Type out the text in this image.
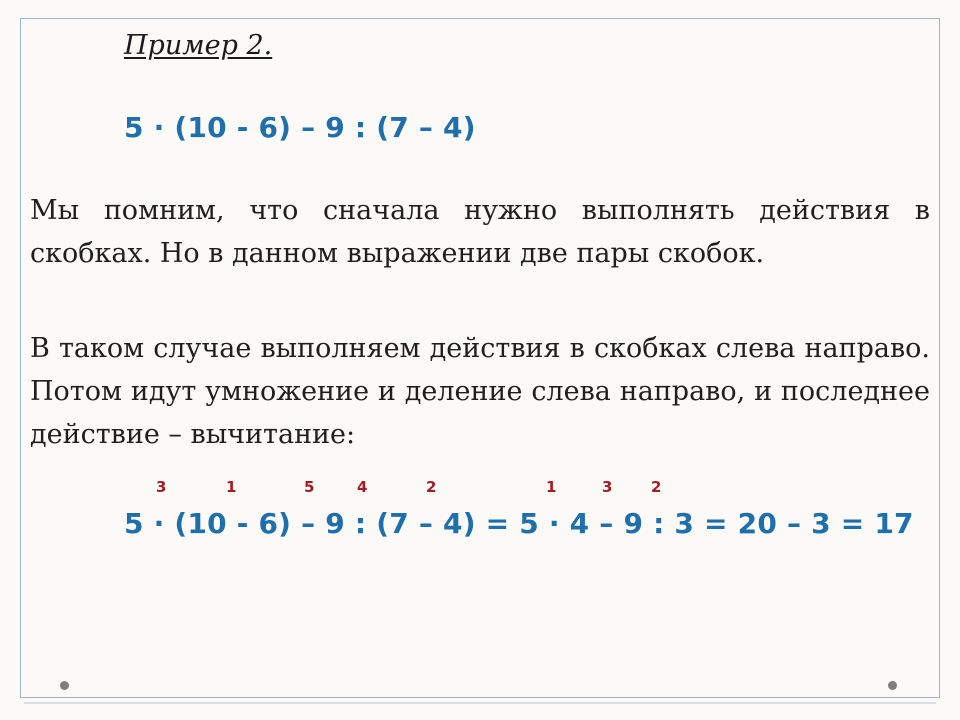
Пример 2.
5 · (10 - 6) – 9 : (7 – 4)
Мы помним, что сначала нужно выполнять действия в скобках. Но в данном выражении две пары скобок.
В таком случае выполняем действия в скобках слева направо. Потом идут умножение и деление слева направо, и последнее действие – вычитание:
3	1	5	4	2	1	3	2
5 · (10 - 6) – 9 : (7 – 4) = 5 · 4 – 9 : 3 = 20 – 3 = 17
